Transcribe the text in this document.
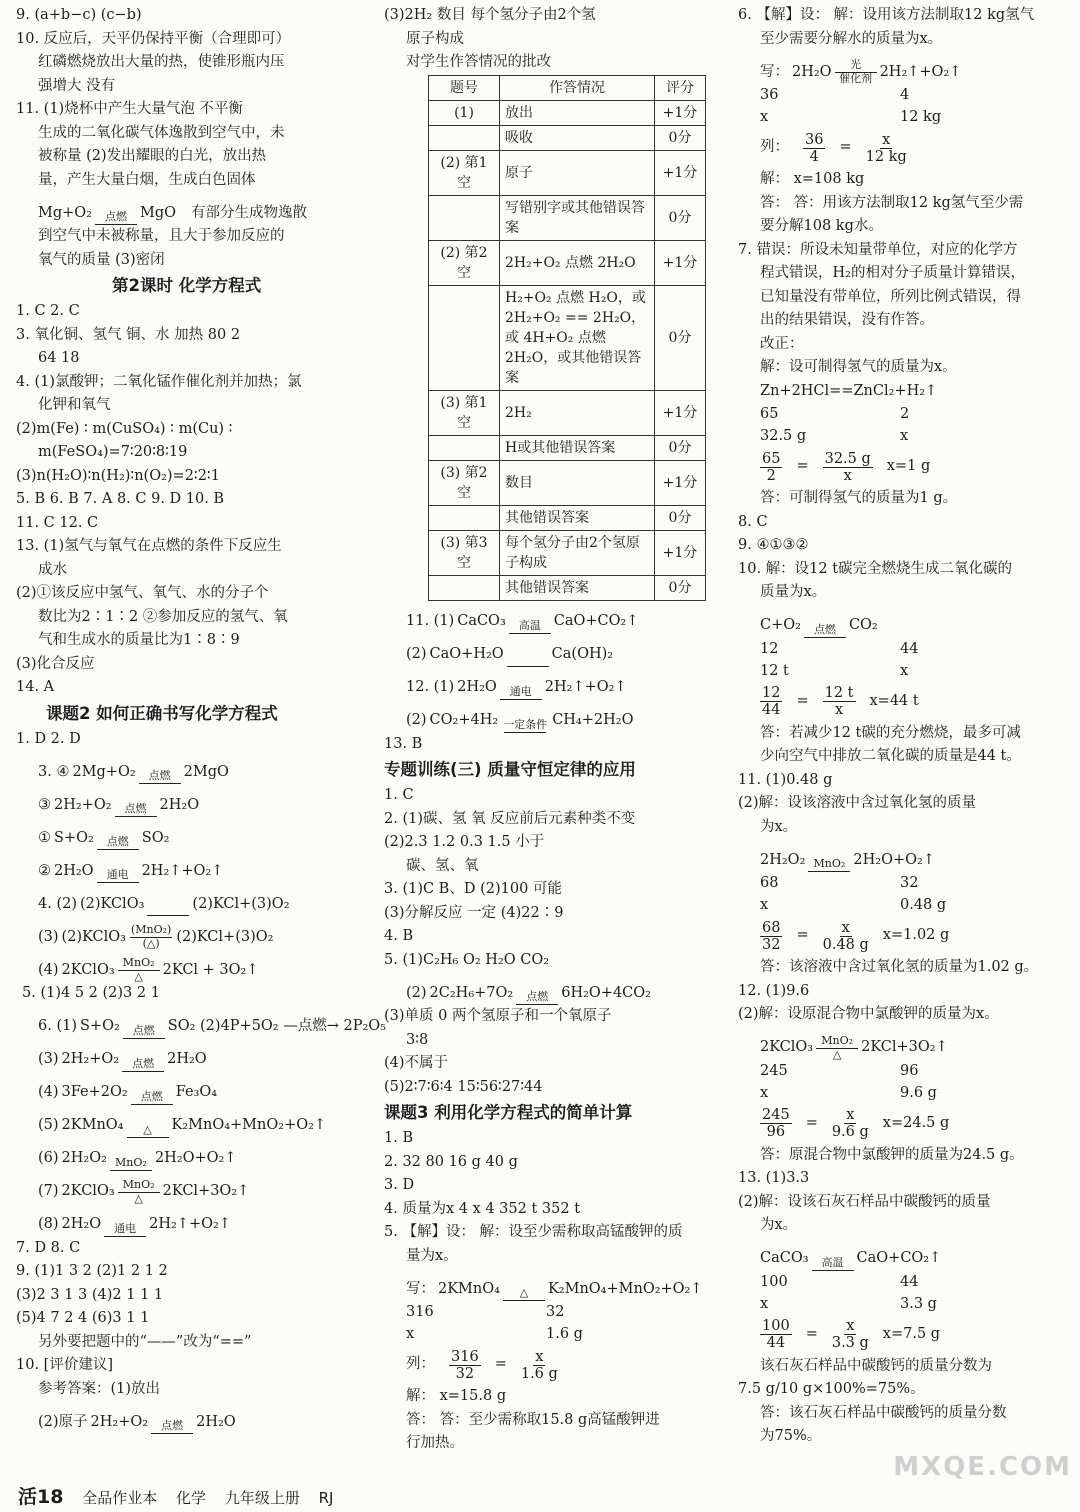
9. (a+b−c) (c−b)
10. 反应后，天平仍保持平衡（合理即可）
红磷燃烧放出大量的热，使锥形瓶内压
强增大 没有
11. (1)烧杯中产生大量气泡 不平衡
生成的二氧化碳气体逸散到空气中，未
被称量 (2)发出耀眼的白光，放出热
量，产生大量白烟，生成白色固体
Mg+O₂ 点燃 MgO 有部分生成物逸散
到空气中未被称量，且大于参加反应的
氧气的质量 (3)密闭
第2课时 化学方程式
1. C 2. C
3. 氧化铜、氢气 铜、水 加热 80 2
64 18
4. (1)氯酸钾；二氧化锰作催化剂并加热；氯
化钾和氧气
(2)m(Fe) ∶ m(CuSO₄) ∶ m(Cu) ∶
m(FeSO₄)=7∶20∶8∶19
(3)n(H₂O)∶n(H₂)∶n(O₂)=2∶2∶1
5. B 6. B 7. A 8. C 9. D 10. B
11. C 12. C
13. (1)氢气与氧气在点燃的条件下反应生
成水
(2)①该反应中氢气、氧气、水的分子个
数比为2∶1∶2 ②参加反应的氢气、氧
气和生成水的质量比为1∶8∶9
(3)化合反应
14. A
课题2 如何正确书写化学方程式
1. D 2. D
3. ④ 2Mg+O₂ 点燃 2MgO
③ 2H₂+O₂ 点燃 2H₂O
① S+O₂ 点燃 SO₂
② 2H₂O 通电 2H₂↑+O₂↑
4. (2) (2)KClO₃	(2)KCl+(3)O₂
(3) (2)KClO₃ (MnO₂)
(△) (2)KCl+(3)O₂
(4) 2KClO₃ MnO₂
△ 2KCl + 3O₂↑
5. (1)4 5 2 (2)3 2 1
6. (1) S+O₂ 点燃 SO₂ (2)4P+5O₂ —点燃→ 2P₂O₅
(3) 2H₂+O₂ 点燃 2H₂O
(4) 3Fe+2O₂ 点燃 Fe₃O₄
(5) 2KMnO₄ △ K₂MnO₄+MnO₂+O₂↑
(6) 2H₂O₂ MnO₂ 2H₂O+O₂↑
(7) 2KClO₃ MnO₂
△ 2KCl+3O₂↑
(8) 2H₂O 通电 2H₂↑+O₂↑
7. D 8. C
9. (1)1 3 2 (2)1 2 1 2
(3)2 3 1 3 (4)2 1 1 1
(5)4 7 2 4 (6)3 1 1
另外要把题中的“——”改为“==”
10. [评价建议]
参考答案：(1)放出
(2)原子 2H₂+O₂ 点燃 2H₂O
(3)2H₂ 数目 每个氢分子由2个氢
原子构成
对学生作答情况的批改
题号	作答情况	评分
(1)	放出	+1分
	吸收	0分
(2) 第1空	原子	+1分
	写错别字或其他错误答案	0分
(2) 第2空	2H₂+O₂ 点燃 2H₂O	+1分
	H₂+O₂ 点燃 H₂O，或 2H₂+O₂ == 2H₂O，或 4H+O₂ 点燃 2H₂O，或其他错误答案	0分
(3) 第1空	2H₂	+1分
	H或其他错误答案	0分
(3) 第2空	数目	+1分
	其他错误答案	0分
(3) 第3空	每个氢分子由2个氢原子构成	+1分
	其他错误答案	0分
11. (1) CaCO₃ 高温 CaO+CO₂↑
(2) CaO+H₂O	Ca(OH)₂
12. (1) 2H₂O 通电 2H₂↑+O₂↑
(2) CO₂+4H₂ 一定条件 CH₄+2H₂O
13. B
专题训练(三) 质量守恒定律的应用
1. C
2. (1)碳、氢 氧 反应前后元素种类不变
(2)2.3 1.2 0.3 1.5 小于
碳、氢、氧
3. (1)C B、D (2)100 可能
(3)分解反应 一定 (4)22∶9
4. B
5. (1)C₂H₆ O₂ H₂O CO₂
(2) 2C₂H₆+7O₂ 点燃 6H₂O+4CO₂
(3)单质 0 两个氢原子和一个氧原子
3∶8
(4)不属于
(5)2∶7∶6∶4 15∶56∶27∶44
课题3 利用化学方程式的简单计算
1. B
2. 32 80 16 g 40 g
3. D
4. 质量为x 4 x 4 352 t 352 t
5. 【解】设： 解：设至少需称取高锰酸钾的质
量为x。
写： 2KMnO₄ △ K₂MnO₄+MnO₂+O₂↑
316	32
x	1.6 g
列： $\frac{316}{32} = \frac{x}{1.6 g}$
解： x=15.8 g
答： 答：至少需称取15.8 g高锰酸钾进
行加热。
6. 【解】设： 解：设用该方法制取12 kg氢气
至少需要分解水的质量为x。
写： 2H₂O 光
催化剂 2H₂↑+O₂↑
36	4
x	12 kg
列： $\frac{36}{4} = \frac{x}{12 kg}$
解： x=108 kg
答： 答：用该方法制取12 kg氢气至少需
要分解108 kg水。
7. 错误：所设未知量带单位，对应的化学方
程式错误，H₂的相对分子质量计算错误，
已知量没有带单位，所列比例式错误，得
出的结果错误，没有作答。
改正：
解：设可制得氢气的质量为x。
Zn+2HCl==ZnCl₂+H₂↑
65	2
32.5 g	x
$\frac{65}{2} = \frac{32.5 g}{x} x=1$ g
答：可制得氢气的质量为1 g。
8. C
9. ④①③②
10. 解：设12 t碳完全燃烧生成二氧化碳的
质量为x。
C+O₂ 点燃 CO₂
12	44
12 t	x
$\frac{12}{44} = \frac{12 t}{x} x=44$ t
答：若减少12 t碳的充分燃烧，最多可减
少向空气中排放二氧化碳的质量是44 t。
11. (1)0.48 g
(2)解：设该溶液中含过氧化氢的质量
为x。
2H₂O₂ MnO₂ 2H₂O+O₂↑
68	32
x	0.48 g
$\frac{68}{32} = \frac{x}{0.48 g} x=1.02$ g
答：该溶液中含过氧化氢的质量为1.02 g。
12. (1)9.6
(2)解：设原混合物中氯酸钾的质量为x。
2KClO₃ MnO₂
△ 2KCl+3O₂↑
245	96
x	9.6 g
$\frac{245}{96} = \frac{x}{9.6 g} x=24.5$ g
答：原混合物中氯酸钾的质量为24.5 g。
13. (1)3.3
(2)解：设该石灰石样品中碳酸钙的质量
为x。
CaCO₃ 高温 CaO+CO₂↑
100	44
x	3.3 g
$\frac{100}{44} = \frac{x}{3.3 g} x=7.5$ g
该石灰石样品中碳酸钙的质量分数为
7.5 g/10 g×100%=75%。
答：该石灰石样品中碳酸钙的质量分数
为75%。
活18 全品作业本 化学 九年级上册 RJ
MXQE.COM
